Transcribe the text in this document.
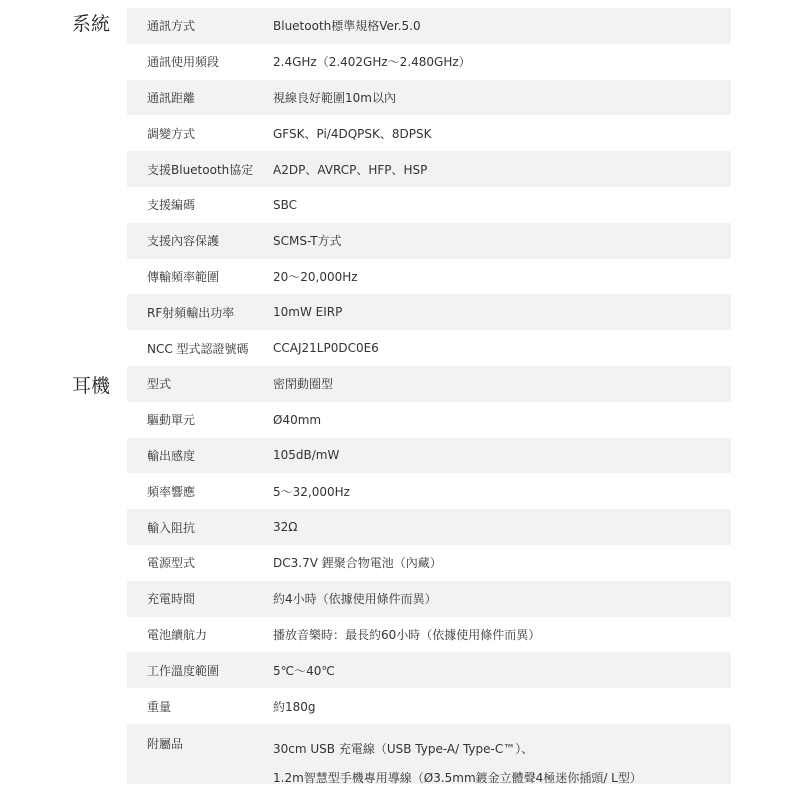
系統
耳機
通訊方式	Bluetooth標準規格Ver.5.0
通訊使用頻段	2.4GHz（2.402GHz～2.480GHz）
通訊距離	視線良好範圍10m以內
調變方式	GFSK、Pi/4DQPSK、8DPSK
支援Bluetooth協定 A2DP、AVRCP、HFP、HSP
支援編碼	SBC
支援內容保護	SCMS-T方式
傳輸頻率範圍	20～20,000Hz
RF射頻輸出功率	10mW EIRP
NCC 型式認證號碼 CCAJ21LP0DC0E6
型式	密閉動圈型
驅動單元	Ø40mm
輸出感度	105dB/mW
頻率響應	5～32,000Hz
輸入阻抗	32Ω
電源型式	DC3.7V 鋰聚合物電池（內藏）
充電時間	約4小時（依據使用條件而異）
電池續航力	播放音樂時：最長約60小時（依據使用條件而異）
工作溫度範圍	5℃～40℃
重量	約180g
附屬品	30cm USB 充電線（USB Type-A/ Type-C™）、
1.2m智慧型手機專用導線（Ø3.5mm鍍金立體聲4極迷你插頭/ L型）
